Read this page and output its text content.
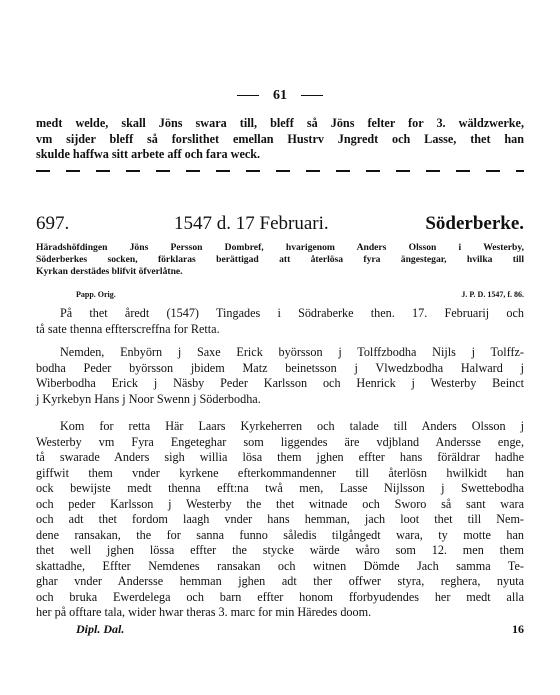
61
medt welde, skall Jöns swara till, bleff så Jöns felter for 3. wäldzwerke,
vm sijder bleff så forslithet emellan Hustrv Jngredt och Lasse, thet han
skulde haffwa sitt arbete aff och fara weck.
697.	1547 d. 17 Februari.	Söderberke.
Häradshöfdingen Jöns Persson Dombref, hvarigenom Anders Olsson i Westerby,
Söderberkes socken, förklaras berättigad att återlösa fyra ängestegar, hvilka till
Kyrkan derstädes blifvit öfverlåtne.
Papp. Orig.	J. P. D. 1547, f. 86.
På thet åredt (1547) Tingades i Södraberke then. 17. Februarij och
tå sate thenna effterscreffna for Retta.
Nemden, Enbyörn j Saxe Erick byörsson j Tolffzbodha Nijls j Tolffz-
bodha Peder byörsson jbidem Matz beinetsson j Vlwedzbodha Halward j
Wiberbodha Erick j Näsby Peder Karlsson och Henrick j Westerby Beinct
j Kyrkebyn Hans j Noor Swenn j Söderbodha.
Kom for retta Här Laars Kyrkeherren och talade till Anders Olsson j
Westerby vm Fyra Engeteghar som liggendes äre vdjbland Andersse enge,
tå swarade Anders sigh willia lösa them jghen effter hans föräldrar hadhe
giffwit them vnder kyrkene efterkommandenner till återlösn hwilkidt han
ock bewijste medt thenna efft:na twå men, Lasse Nijlsson j Swettebodha
och peder Karlsson j Westerby the thet witnade och Sworo så sant wara
och adt thet fordom laagh vnder hans hemman, jach loot thet till Nem-
dene ransakan, the for sanna funno såledis tilgångedt wara, ty motte han
thet well jghen lössa effter the stycke wärde wåro som 12. men them
skattadhe, Effter Nemdenes ransakan och witnen Dömde Jach samma Te-
ghar vnder Andersse hemman jghen adt ther offwer styra, reghera, nyuta
och bruka Ewerdelega och barn effter honom fforbyudendes her medt alla
her på offtare tala, wider hwar theras 3. marc for min Häredes doom.
Dipl. Dal.	16
